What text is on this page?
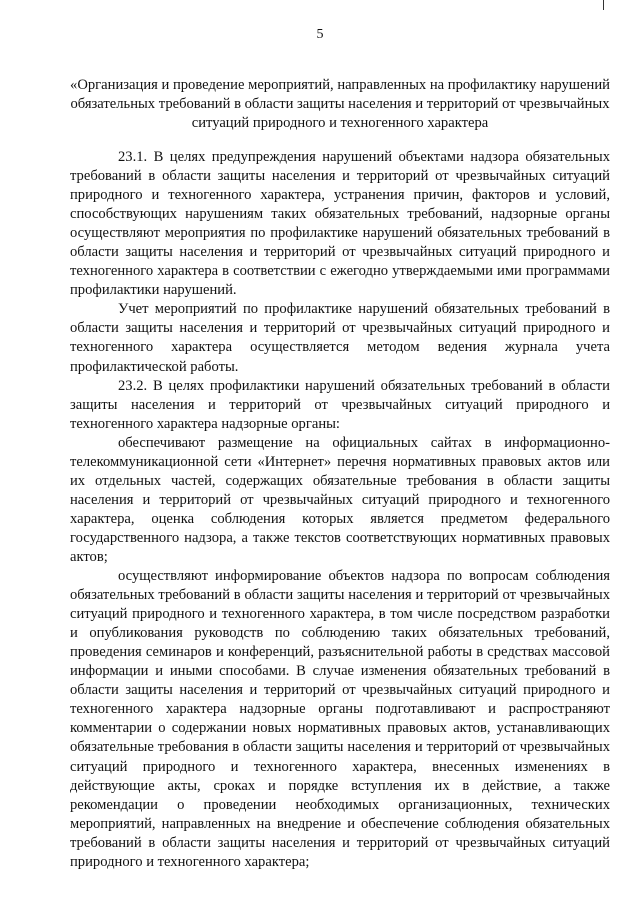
5
«Организация и проведение мероприятий, направленных на профилактику нарушений обязательных требований в области защиты населения и территорий от чрезвычайных ситуаций природного и техногенного характера

23.1. В целях предупреждения нарушений объектами надзора обязательных требований в области защиты населения и территорий от чрезвычайных ситуаций природного и техногенного характера, устранения причин, факторов и условий, способствующих нарушениям таких обязательных требований, надзорные органы осуществляют мероприятия по профилактике нарушений обязательных требований в области защиты населения и территорий от чрезвычайных ситуаций природного и техногенного характера в соответствии с ежегодно утверждаемыми ими программами профилактики нарушений.

Учет мероприятий по профилактике нарушений обязательных требований в области защиты населения и территорий от чрезвычайных ситуаций природного и техногенного характера осуществляется методом ведения журнала учета профилактической работы.

23.2. В целях профилактики нарушений обязательных требований в области защиты населения и территорий от чрезвычайных ситуаций природного и техногенного характера надзорные органы:

обеспечивают размещение на официальных сайтах в информационно-телекоммуникационной сети «Интернет» перечня нормативных правовых актов или их отдельных частей, содержащих обязательные требования в области защиты населения и территорий от чрезвычайных ситуаций природного и техногенного характера, оценка соблюдения которых является предметом федерального государственного надзора, а также текстов соответствующих нормативных правовых актов;

осуществляют информирование объектов надзора по вопросам соблюдения обязательных требований в области защиты населения и территорий от чрезвычайных ситуаций природного и техногенного характера, в том числе посредством разработки и опубликования руководств по соблюдению таких обязательных требований, проведения семинаров и конференций, разъяснительной работы в средствах массовой информации и иными способами. В случае изменения обязательных требований в области защиты населения и территорий от чрезвычайных ситуаций природного и техногенного характера надзорные органы подготавливают и распространяют комментарии о содержании новых нормативных правовых актов, устанавливающих обязательные требования в области защиты населения и территорий от чрезвычайных ситуаций природного и техногенного характера, внесенных изменениях в действующие акты, сроках и порядке вступления их в действие, а также рекомендации о проведении необходимых организационных, технических мероприятий, направленных на внедрение и обеспечение соблюдения обязательных требований в области защиты населения и территорий от чрезвычайных ситуаций природного и техногенного характера;
